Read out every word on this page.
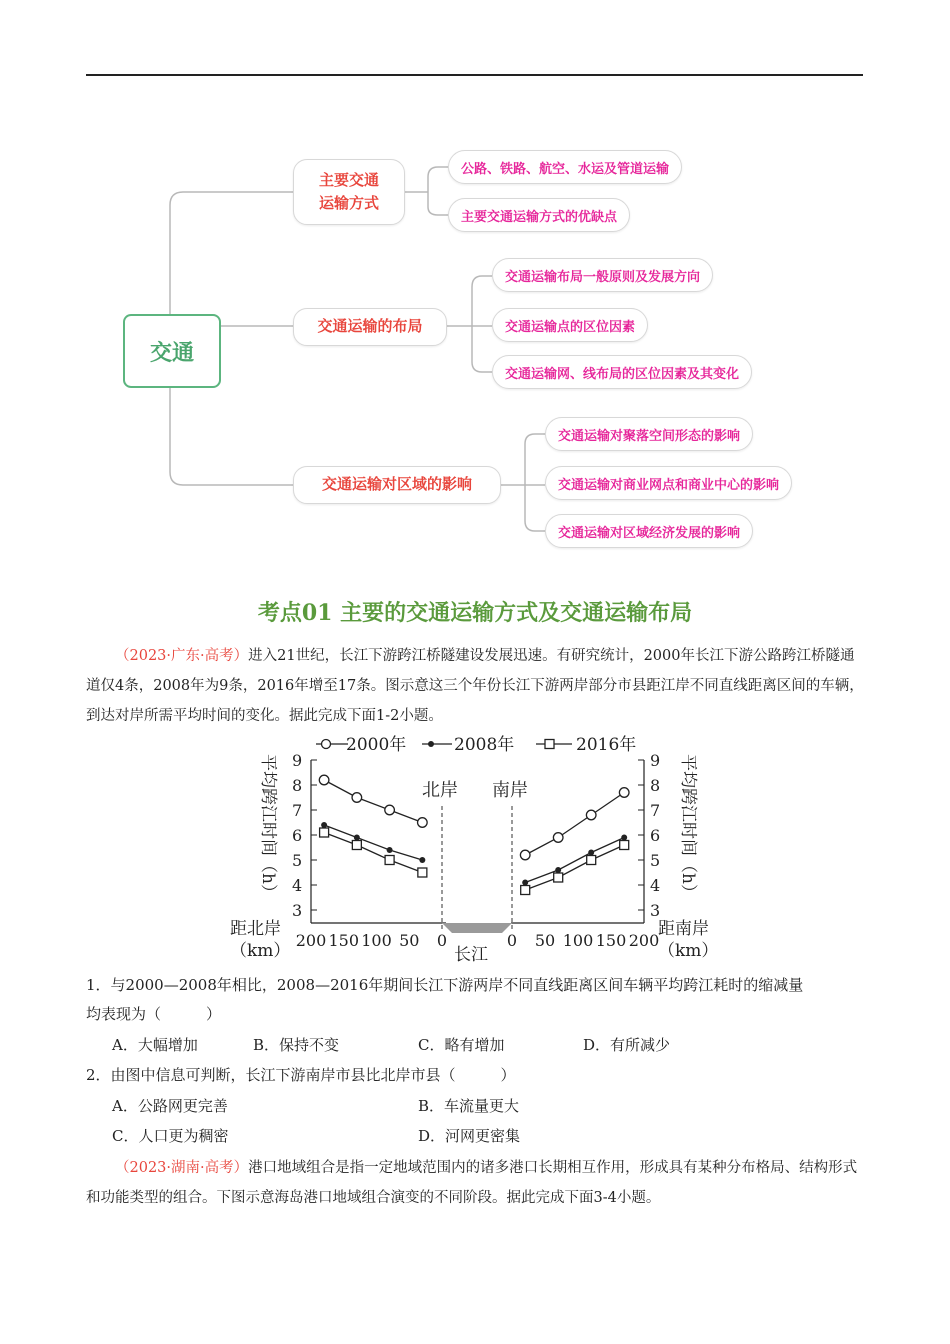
交通
主要交通
运输方式
公路、铁路、航空、水运及管道运输
主要交通运输方式的优缺点
交通运输的布局
交通运输布局一般原则及发展方向
交通运输点的区位因素
交通运输网、线布局的区位因素及其变化
交通运输对区域的影响
交通运输对聚落空间形态的影响
交通运输对商业网点和商业中心的影响
交通运输对区域经济发展的影响
考点01 主要的交通运输方式及交通运输布局
（2023·广东·高考）进入21世纪，长江下游跨江桥隧建设发展迅速。有研究统计，2000年长江下游公路跨江桥隧通道仅4条，2008年为9条，2016年增至17条。图示意这三个年份长江下游两岸部分市县距江岸不同直线距离区间的车辆，到达对岸所需平均时间的变化。据此完成下面1-2小题。
2000年	2008年	2016年
平均跨江时间（h）	平均跨江时间（h）
3
4
5
6
7
8
9
3
4
5
6
7
8
9
北岸 南岸
长江
200 150 100 50 0	0 50 100 150 200
距北岸
（km）
距南岸
（km）
1．与2000—2008年相比，2008—2016年期间长江下游两岸不同直线距离区间车辆平均跨江耗时的缩减量
均表现为（　　　）
A．大幅增加	B．保持不变	C．略有增加	D．有所减少
2．由图中信息可判断，长江下游南岸市县比北岸市县（　　　）
A．公路网更完善	B．车流量更大
C．人口更为稠密	D．河网更密集
（2023·湖南·高考）港口地域组合是指一定地域范围内的诸多港口长期相互作用，形成具有某种分布格局、结构形式和功能类型的组合。下图示意海岛港口地域组合演变的不同阶段。据此完成下面3-4小题。
